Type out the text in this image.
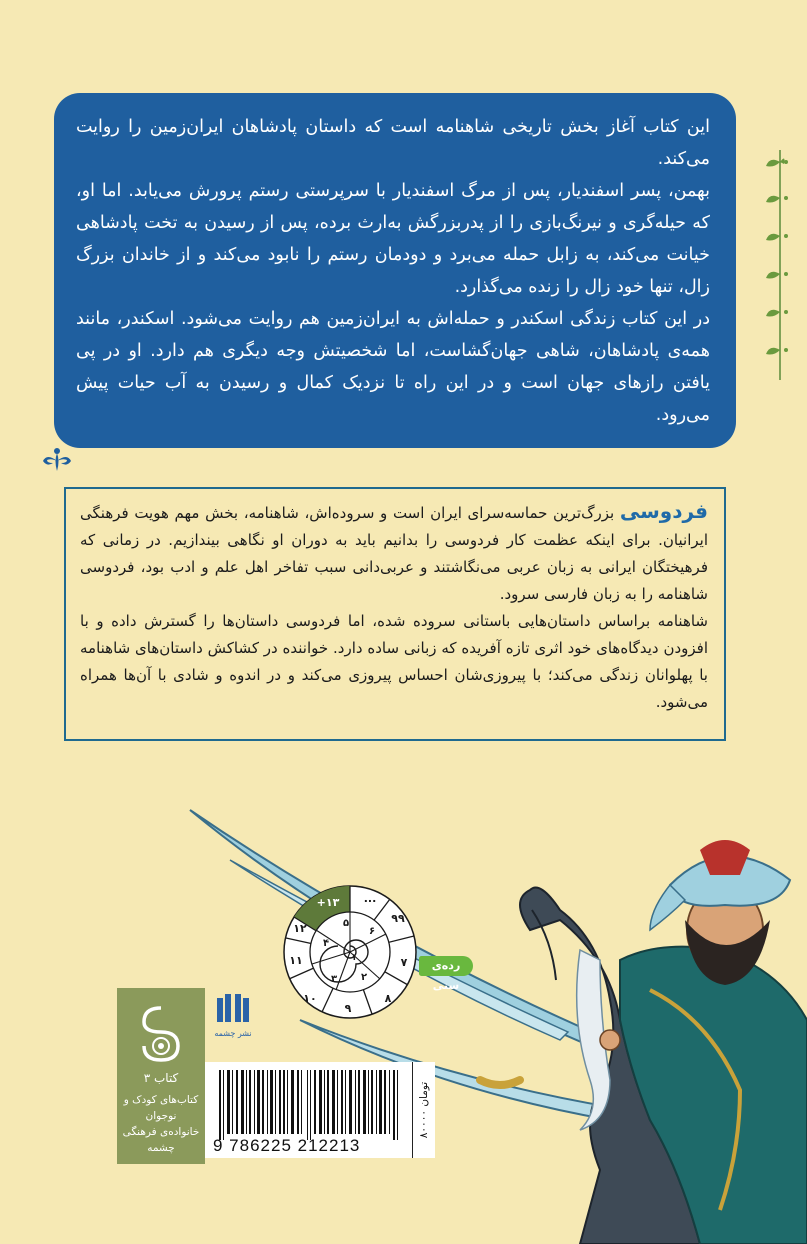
این کتاب آغاز بخش تاریخی شاهنامه است که داستان پادشاهان ایران‌زمین را روایت می‌کند.

بهمن، پسر اسفندیار، پس از مرگ اسفندیار با سرپرستی رستم پرورش می‌یابد. اما او، که حیله‌گری و نیرنگ‌بازی را از پدربزرگش به‌ارث برده، پس از رسیدن به تخت پادشاهی خیانت می‌کند، به زابل حمله می‌برد و دودمان رستم را نابود می‌کند و از خاندان بزرگ زال، تنها خود زال را زنده می‌گذارد.

در این کتاب زندگی اسکندر و حمله‌اش به ایران‌زمین هم روایت می‌شود. اسکندر، مانند همه‌ی پادشاهان، شاهی جهان‌گشاست، اما شخصیتش وجه دیگری هم دارد. او در پی یافتن رازهای جهان است و در این راه تا نزدیک کمال و رسیدن به آب حیات پیش می‌رود.

فردوسی بزرگ‌ترین حماسه‌سرای ایران است و سروده‌اش، شاهنامه، بخش مهم هویت فرهنگی ایرانیان. برای اینکه عظمت کار فردوسی را بدانیم باید به دوران او نگاهی بیندازیم. در زمانی که فرهیختگان ایرانی به زبان عربی می‌نگاشتند و عربی‌دانی سبب تفاخر اهل علم و ادب بود، فردوسی شاهنامه را به زبان فارسی سرود.

شاهنامه براساس داستان‌هایی باستانی سروده شده، اما فردوسی داستان‌ها را گسترش داده و با افزودن دیدگاه‌های خود اثری تازه آفریده که زبانی ساده دارد. خواننده در کشاکش داستان‌های شاهنامه با پهلوانان زندگی می‌کند؛ با پیروزی‌شان احساس پیروزی می‌کند و در اندوه و شادی با آن‌ها همراه می‌شود.

+۱۳ ...
۹۹
۷
۸
۹
۱۰
۱۱
۱۲	۵
۶
۴
۳ ۲
۱
رده‌ی سنی
نشر چشمه
کتاب ۳
کتاب‌های کودک و نوجوان
خانواده‌ی فرهنگی چشمه	9 786225 212213
۸۰۰۰۰ تومان
